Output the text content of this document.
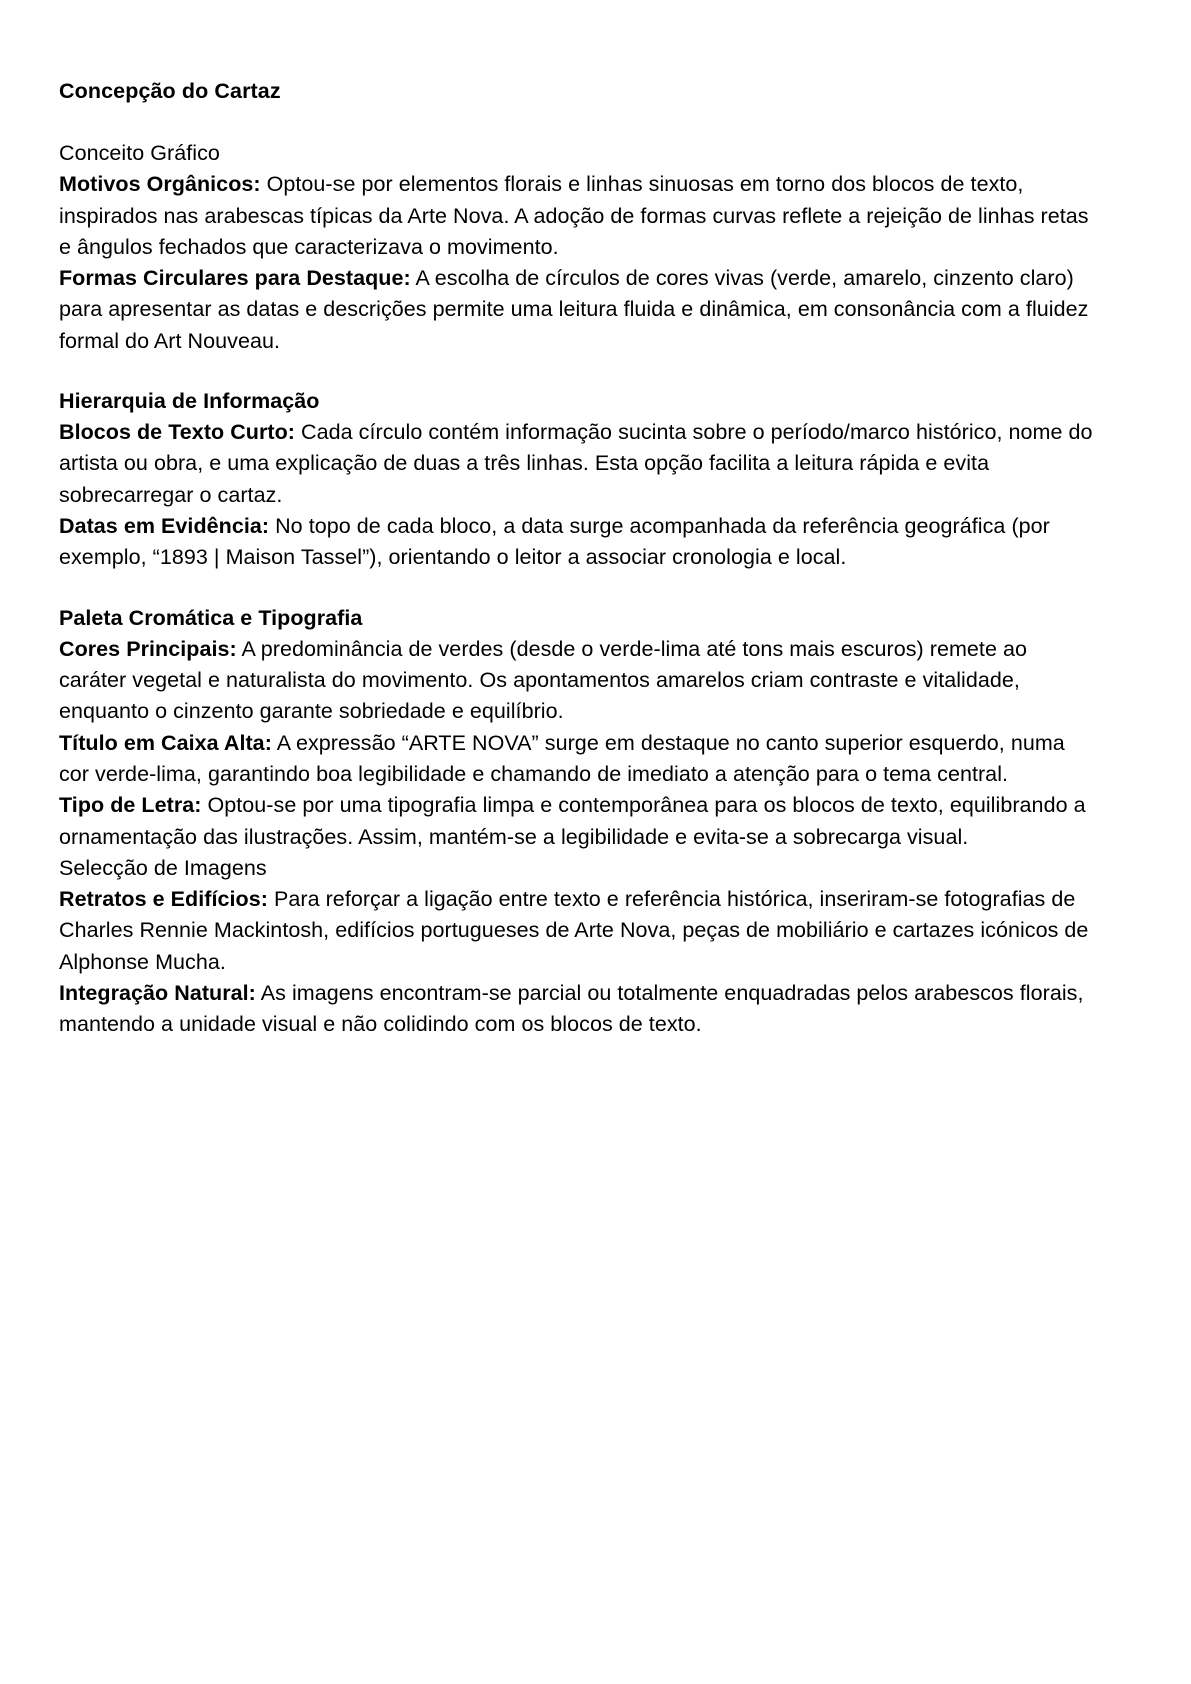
Concepção do Cartaz

Conceito Gráfico

Motivos Orgânicos: Optou-se por elementos florais e linhas sinuosas em torno dos blocos de texto, inspirados nas arabescas típicas da Arte Nova. A adoção de formas curvas reflete a rejeição de linhas retas e ângulos fechados que caracterizava o movimento.

Formas Circulares para Destaque: A escolha de círculos de cores vivas (verde, amarelo, cinzento claro) para apresentar as datas e descrições permite uma leitura fluida e dinâmica, em consonância com a fluidez formal do Art Nouveau.

Hierarquia de Informação

Blocos de Texto Curto: Cada círculo contém informação sucinta sobre o período/marco histórico, nome do artista ou obra, e uma explicação de duas a três linhas. Esta opção facilita a leitura rápida e evita sobrecarregar o cartaz.

Datas em Evidência: No topo de cada bloco, a data surge acompanhada da referência geográfica (por exemplo, “1893 | Maison Tassel”), orientando o leitor a associar cronologia e local.

Paleta Cromática e Tipografia

Cores Principais: A predominância de verdes (desde o verde-lima até tons mais escuros) remete ao caráter vegetal e naturalista do movimento. Os apontamentos amarelos criam contraste e vitalidade, enquanto o cinzento garante sobriedade e equilíbrio.

Título em Caixa Alta: A expressão “ARTE NOVA” surge em destaque no canto superior esquerdo, numa cor verde-lima, garantindo boa legibilidade e chamando de imediato a atenção para o tema central.

Tipo de Letra: Optou-se por uma tipografia limpa e contemporânea para os blocos de texto, equilibrando a ornamentação das ilustrações. Assim, mantém-se a legibilidade e evita-se a sobrecarga visual.

Selecção de Imagens

Retratos e Edifícios: Para reforçar a ligação entre texto e referência histórica, inseriram-se fotografias de Charles Rennie Mackintosh, edifícios portugueses de Arte Nova, peças de mobiliário e cartazes icónicos de Alphonse Mucha.

Integração Natural: As imagens encontram-se parcial ou totalmente enquadradas pelos arabescos florais, mantendo a unidade visual e não colidindo com os blocos de texto.
